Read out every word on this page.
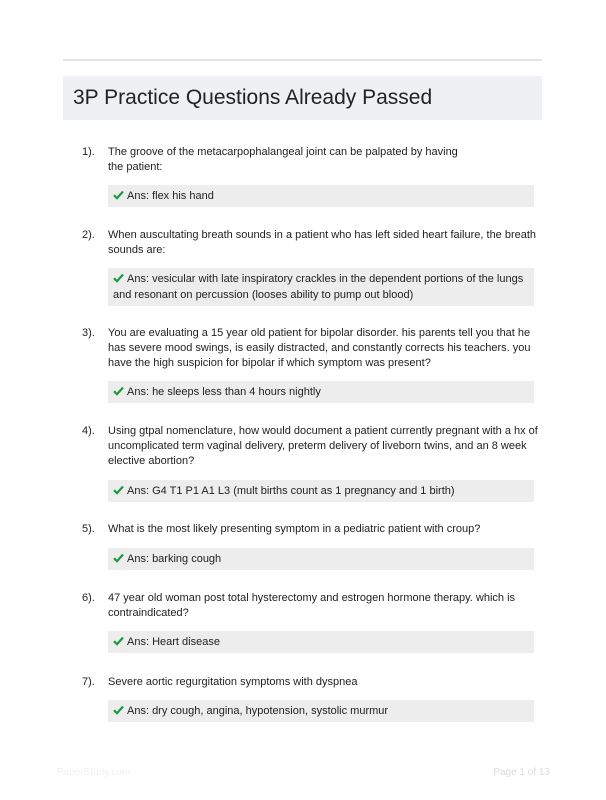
3P Practice Questions Already Passed
1). The groove of the metacarpophalangeal joint can be palpated by having the patient:
Ans: flex his hand
2). When auscultating breath sounds in a patient who has left sided heart failure, the breath sounds are:
Ans: vesicular with late inspiratory crackles in the dependent portions of the lungs and resonant on percussion (looses ability to pump out blood)
3). You are evaluating a 15 year old patient for bipolar disorder. his parents tell you that he has severe mood swings, is easily distracted, and constantly corrects his teachers. you have the high suspicion for bipolar if which symptom was present?
Ans: he sleeps less than 4 hours nightly
4). Using gtpal nomenclature, how would document a patient currently pregnant with a hx of uncomplicated term vaginal delivery, preterm delivery of liveborn twins, and an 8 week elective abortion?
Ans: G4 T1 P1 A1 L3 (mult births count as 1 pregnancy and 1 birth)
5). What is the most likely presenting symptom in a pediatric patient with croup?
Ans: barking cough
6). 47 year old woman post total hysterectomy and estrogen hormone therapy. which is contraindicated?
Ans: Heart disease
7). Severe aortic regurgitation symptoms with dyspnea
Ans: dry cough, angina, hypotension, systolic murmur
PaperStudy.com	Page 1 of 13
